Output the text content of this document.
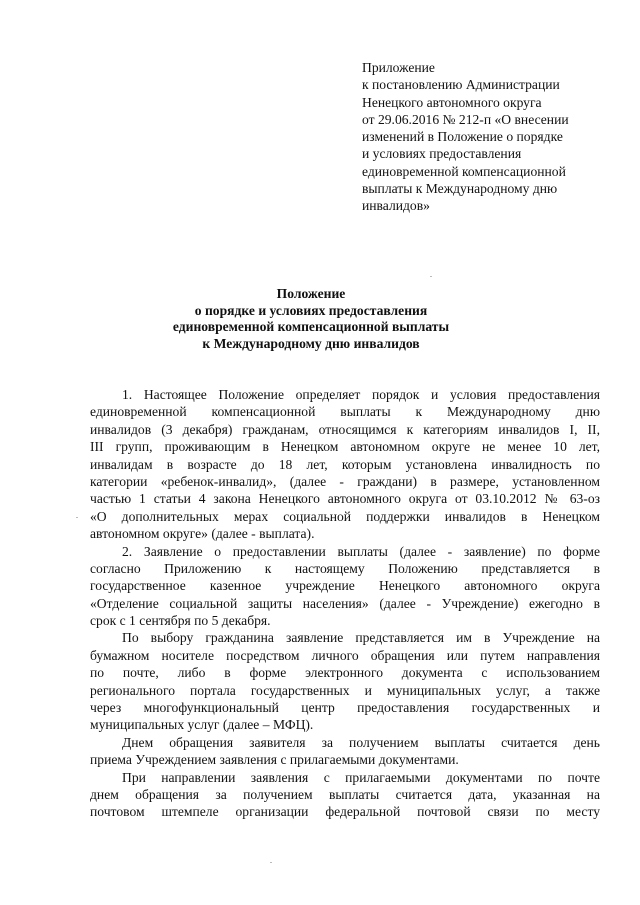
Приложение
к постановлению Администрации
Ненецкого автономного округа
от 29.06.2016 № 212-п «О внесении
изменений в Положение о порядке
и условиях предоставления
единовременной компенсационной
выплаты к Международному дню
инвалидов»
Положение
о порядке и условиях предоставления
единовременной компенсационной выплаты
к Международному дню инвалидов
1. Настоящее Положение определяет порядок и условия предоставления
единовременной компенсационной выплаты к Международному дню
инвалидов (3 декабря) гражданам, относящимся к категориям инвалидов I, II,
III групп, проживающим в Ненецком автономном округе не менее 10 лет,
инвалидам в возрасте до 18 лет, которым установлена инвалидность по
категории «ребенок-инвалид», (далее - граждани) в размере, установленном
частью 1 статьи 4 закона Ненецкого автономного округа от 03.10.2012 № 63-оз
«О дополнительных мерах социальной поддержки инвалидов в Ненецком
автономном округе» (далее - выплата).
2. Заявление о предоставлении выплаты (далее - заявление) по форме
согласно Приложению к настоящему Положению представляется в
государственное казенное учреждение Ненецкого автономного округа
«Отделение социальной защиты населения» (далее - Учреждение) ежегодно в
срок с 1 сентября по 5 декабря.
По выбору гражданина заявление представляется им в Учреждение на
бумажном носителе посредством личного обращения или путем направления
по почте, либо в форме электронного документа с использованием
регионального портала государственных и муниципальных услуг, а также
через многофункциональный центр предоставления государственных и
муниципальных услуг (далее – МФЦ).
Днем обращения заявителя за получением выплаты считается день
приема Учреждением заявления с прилагаемыми документами.
При направлении заявления с прилагаемыми документами по почте
днем обращения за получением выплаты считается дата, указанная на
почтовом штемпеле организации федеральной почтовой связи по месту
